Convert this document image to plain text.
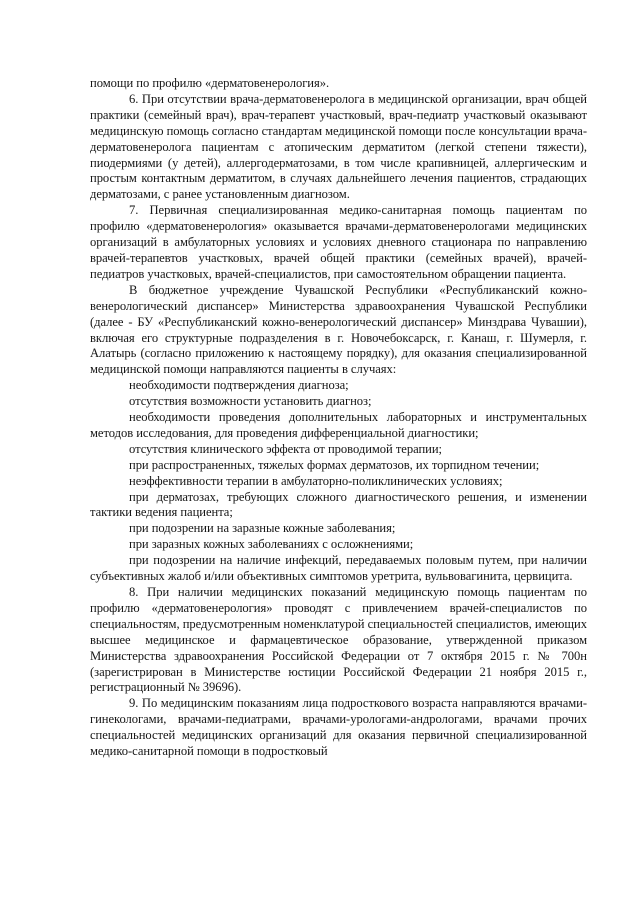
помощи по профилю «дерматовенерология».

6. При отсутствии врача-дерматовенеролога в медицинской организации, врач общей практики (семейный врач), врач-терапевт участковый, врач-педиатр участковый оказывают медицинскую помощь согласно стандартам медицинской помощи после консультации врача-дерматовенеролога пациентам с атопическим дерматитом (легкой степени тяжести), пиодермиями (у детей), аллергодерматозами, в том числе крапивницей, аллергическим и простым контактным дерматитом, в случаях дальнейшего лечения пациентов, страдающих дерматозами, с ранее установленным диагнозом.

7. Первичная специализированная медико-санитарная помощь пациентам по профилю «дерматовенерология» оказывается врачами-дерматовенерологами медицинских организаций в амбулаторных условиях и условиях дневного стационара по направлению врачей-терапевтов участковых, врачей общей практики (семейных врачей), врачей-педиатров участковых, врачей-специалистов, при самостоятельном обращении пациента.

В бюджетное учреждение Чувашской Республики «Республиканский кожно-венерологический диспансер» Министерства здравоохранения Чувашской Республики (далее - БУ «Республиканский кожно-венерологический диспансер» Минздрава Чувашии), включая его структурные подразделения в г. Новочебоксарск, г. Канаш, г. Шумерля, г. Алатырь (согласно приложению к настоящему порядку), для оказания специализированной медицинской помощи направляются пациенты в случаях:

необходимости подтверждения диагноза;

отсутствия возможности установить диагноз;

необходимости проведения дополнительных лабораторных и инструментальных методов исследования, для проведения дифференциальной диагностики;

отсутствия клинического эффекта от проводимой терапии;

при распространенных, тяжелых формах дерматозов, их торпидном течении;

неэффективности терапии в амбулаторно-поликлинических условиях;

при дерматозах, требующих сложного диагностического решения, и изменении тактики ведения пациента;

при подозрении на заразные кожные заболевания;

при заразных кожных заболеваниях с осложнениями;

при подозрении на наличие инфекций, передаваемых половым путем, при наличии субъективных жалоб и/или объективных симптомов уретрита, вульвовагинита, цервицита.

8. При наличии медицинских показаний медицинскую помощь пациентам по профилю «дерматовенерология» проводят с привлечением врачей-специалистов по специальностям, предусмотренным номенклатурой специальностей специалистов, имеющих высшее медицинское и фармацевтическое образование, утвержденной приказом Министерства здравоохранения Российской Федерации от 7 октября 2015 г. № 700н (зарегистрирован в Министерстве юстиции Российской Федерации 21 ноября 2015 г., регистрационный № 39696).

9. По медицинским показаниям лица подросткового возраста направляются врачами-гинекологами, врачами-педиатрами, врачами-урологами-андрологами, врачами прочих специальностей медицинских организаций для оказания первичной специализированной медико-санитарной помощи в подростковый
